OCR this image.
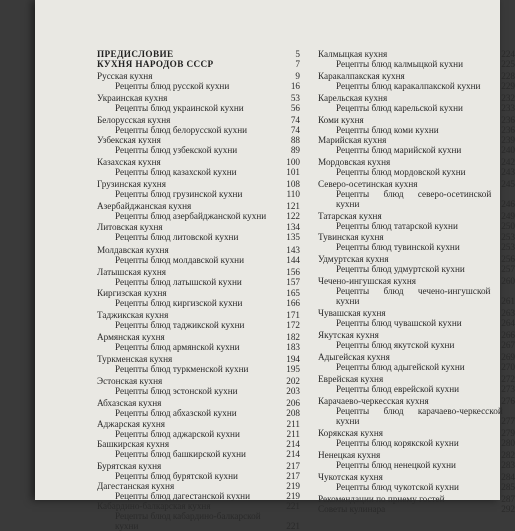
ПРЕДИСЛОВИЕ	5
КУХНЯ НАРОДОВ СССР	7
Русская кухня	9
Рецепты блюд русской кухни	16
Украинская кухня	53
Рецепты блюд украинской кухни	56
Белорусская кухня	74
Рецепты блюд белорусской кухни	74
Узбекская кухня	88
Рецепты блюд узбекской кухни	89
Казахская кухня	100
Рецепты блюд казахской кухни	101
Грузинская кухня	108
Рецепты блюд грузинской кухни	110
Азербайджанская кухня	121
Рецепты блюд азербайджанской кухни 122
Литовская кухня	134
Рецепты блюд литовской кухни	135
Молдавская кухня	143
Рецепты блюд молдавской кухни	144
Латышская кухня	156
Рецепты блюд латышской кухни	157
Киргизская кухня	165
Рецепты блюд киргизской кухни	166
Таджикская кухня	171
Рецепты блюд таджикской кухни	172
Армянская кухня	182
Рецепты блюд армянской кухни	183
Туркменская кухня	194
Рецепты блюд туркменской кухни	195
Эстонская кухня	202
Рецепты блюд эстонской кухни	203
Абхазская кухня	206
Рецепты блюд абхазской кухни	208
Аджарская кухня	211
Рецепты блюд аджарской кухни	211
Башкирская кухня	214
Рецепты блюд башкирской кухни	214
Бурятская кухня	217
Рецепты блюд бурятской кухни	217
Дагестанская кухня	219
Рецепты блюд дагестанской кухни	219
Кабардино-балкарская кухня	221
Рецепты блюд кабардино-балкарской
кухни	221
Калмыцкая кухня	224
Рецепты блюд калмыцкой кухни	225
Каракалпакская кухня	228
Рецепты блюд каракалпакской кухни 229
Карельская кухня	232
Рецепты блюд карельской кухни	233
Коми кухня	236
Рецепты блюд коми кухни	236
Марийская кухня	239
Рецепты блюд марийской кухни	240
Мордовская кухня	242
Рецепты блюд мордовской кухни	243
Северо-осетинская кухня	245
Рецепты блюд северо-осетинской
кухни	246
Татарская кухня	249
Рецепты блюд татарской кухни	250
Тувинская кухня	253
Рецепты блюд тувинской кухни	253
Удмуртская кухня	256
Рецепты блюд удмуртской кухни	257
Чечено-ингушская кухня	260
Рецепты блюд чечено-ингушской
кухни	261
Чувашская кухня	263
Рецепты блюд чувашской кухни	264
Якутская кухня	266
Рецепты блюд якутской кухни	267
Адыгейская кухня	269
Рецепты блюд адыгейской кухни	270
Еврейская кухня	272
Рецепты блюд еврейской кухни	273
Карачаево-черкесская кухня	276
Рецепты блюд карачаево-черкесской
кухни	277
Корякская кухня	279
Рецепты блюд корякской кухни	280
Ненецкая кухня	282
Рецепты блюд ненецкой кухни	283
Чукотская кухня	284
Рецепты блюд чукотской кухни	285
Рекомендации по приему гостей	287
Советы кулинара	292
